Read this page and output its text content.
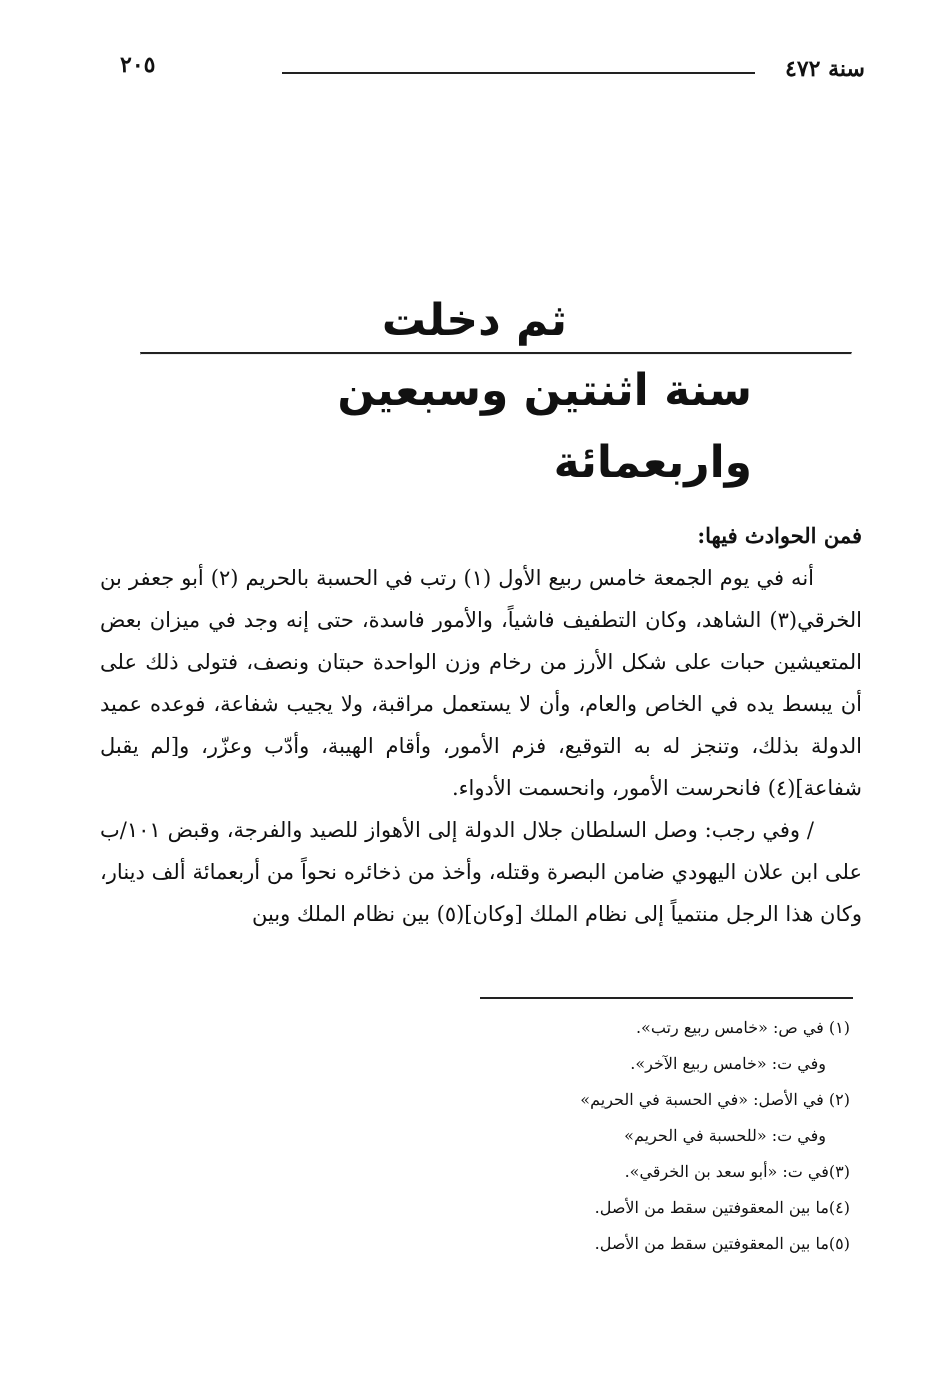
٢٠٥	سنة ٤٧٢
ثم دخلت
سنة اثنتين وسبعين واربعمائة

فمن الحوادث فيها:

أنه في يوم الجمعة خامس ربيع الأول (١) رتب في الحسبة بالحريم (٢) أبو جعفر بن الخرقي(٣) الشاهد، وكان التطفيف فاشياً، والأمور فاسدة، حتى إنه وجد في ميزان بعض المتعيشين حبات على شكل الأرز من رخام وزن الواحدة حبتان ونصف، فتولى ذلك على أن يبسط يده في الخاص والعام، وأن لا يستعمل مراقبة، ولا يجيب شفاعة، فوعده عميد الدولة بذلك، وتنجز له به التوقيع، فزم الأمور، وأقام الهيبة، وأدّب وعزّر، و[لم يقبل شفاعة](٤) فانحرست الأمور، وانحسمت الأدواء.

/ وفي رجب: وصل السلطان جلال الدولة إلى الأهواز للصيد والفرجة، وقبض ١٠١/ب على ابن علان اليهودي ضامن البصرة وقتله، وأخذ من ذخائره نحواً من أربعمائة ألف دينار، وكان هذا الرجل منتمياً إلى نظام الملك [وكان](٥) بين نظام الملك وبين

(١) في ص: «خامس ربيع رتب».

وفي ت: «خامس ربيع الآخر».

(٢) في الأصل: «في الحسبة في الحريم»

وفي ت: «للحسبة في الحريم»

(٣)في ت: «أبو سعد بن الخرقي».

(٤)ما بين المعقوفتين سقط من الأصل.

(٥)ما بين المعقوفتين سقط من الأصل.
